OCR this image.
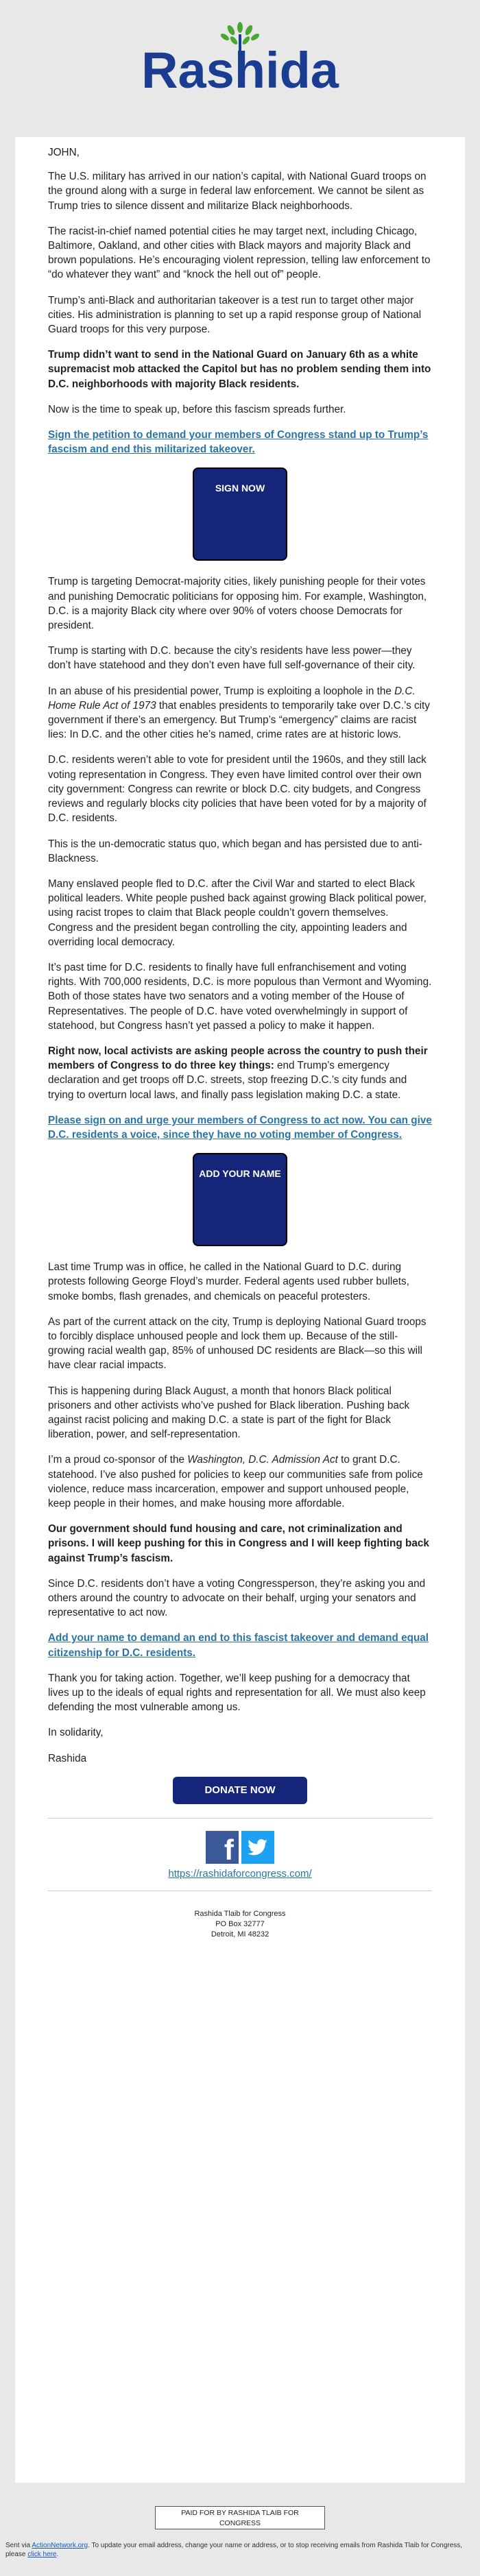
Rashida

JOHN,

The U.S. military has arrived in our nation’s capital, with National Guard troops on the ground along with a surge in federal law enforcement. We cannot be silent as Trump tries to silence dissent and militarize Black neighborhoods.

The racist-in-chief named potential cities he may target next, including Chicago, Baltimore, Oakland, and other cities with Black mayors and majority Black and brown populations. He’s encouraging violent repression, telling law enforcement to “do whatever they want” and “knock the hell out of” people.

Trump’s anti-Black and authoritarian takeover is a test run to target other major cities. His administration is planning to set up a rapid response group of National Guard troops for this very purpose.

Trump didn’t want to send in the National Guard on January 6th as a white supremacist mob attacked the Capitol but has no problem sending them into D.C. neighborhoods with majority Black residents.

Now is the time to speak up, before this fascism spreads further.

Sign the petition to demand your members of Congress stand up to Trump’s fascism and end this militarized takeover.

SIGN NOW

Trump is targeting Democrat-majority cities, likely punishing people for their votes and punishing Democratic politicians for opposing him. For example, Washington, D.C. is a majority Black city where over 90% of voters choose Democrats for president.

Trump is starting with D.C. because the city’s residents have less power—they don’t have statehood and they don’t even have full self-governance of their city.

In an abuse of his presidential power, Trump is exploiting a loophole in the D.C. Home Rule Act of 1973 that enables presidents to temporarily take over D.C.’s city government if there’s an emergency. But Trump’s “emergency” claims are racist lies: In D.C. and the other cities he’s named, crime rates are at historic lows.

D.C. residents weren’t able to vote for president until the 1960s, and they still lack voting representation in Congress. They even have limited control over their own city government: Congress can rewrite or block D.C. city budgets, and Congress reviews and regularly blocks city policies that have been voted for by a majority of D.C. residents.

This is the un-democratic status quo, which began and has persisted due to anti-Blackness.

Many enslaved people fled to D.C. after the Civil War and started to elect Black political leaders. White people pushed back against growing Black political power, using racist tropes to claim that Black people couldn’t govern themselves. Congress and the president began controlling the city, appointing leaders and overriding local democracy.

It’s past time for D.C. residents to finally have full enfranchisement and voting rights. With 700,000 residents, D.C. is more populous than Vermont and Wyoming. Both of those states have two senators and a voting member of the House of Representatives. The people of D.C. have voted overwhelmingly in support of statehood, but Congress hasn’t yet passed a policy to make it happen.

Right now, local activists are asking people across the country to push their members of Congress to do three key things: end Trump’s emergency declaration and get troops off D.C. streets, stop freezing D.C.’s city funds and trying to overturn local laws, and finally pass legislation making D.C. a state.

Please sign on and urge your members of Congress to act now. You can give D.C. residents a voice, since they have no voting member of Congress.

ADD YOUR NAME

Last time Trump was in office, he called in the National Guard to D.C. during protests following George Floyd’s murder. Federal agents used rubber bullets, smoke bombs, flash grenades, and chemicals on peaceful protesters.

As part of the current attack on the city, Trump is deploying National Guard troops to forcibly displace unhoused people and lock them up. Because of the still-growing racial wealth gap, 85% of unhoused DC residents are Black—so this will have clear racial impacts.

This is happening during Black August, a month that honors Black political prisoners and other activists who’ve pushed for Black liberation. Pushing back against racist policing and making D.C. a state is part of the fight for Black liberation, power, and self-representation.

I’m a proud co-sponsor of the Washington, D.C. Admission Act to grant D.C. statehood. I’ve also pushed for policies to keep our communities safe from police violence, reduce mass incarceration, empower and support unhoused people, keep people in their homes, and make housing more affordable.

Our government should fund housing and care, not criminalization and prisons. I will keep pushing for this in Congress and I will keep fighting back against Trump’s fascism.

Since D.C. residents don’t have a voting Congressperson, they’re asking you and others around the country to advocate on their behalf, urging your senators and representative to act now.

Add your name to demand an end to this fascist takeover and demand equal citizenship for D.C. residents.

Thank you for taking action. Together, we’ll keep pushing for a democracy that lives up to the ideals of equal rights and representation for all. We must also keep defending the most vulnerable among us.

In solidarity,

Rashida

DONATE NOW
f

https://rashidaforcongress.com/
Rashida Tlaib for Congress
PO Box 32777
Detroit, MI 48232
PAID FOR BY RASHIDA TLAIB FOR
CONGRESS
Sent via ActionNetwork.org. To update your email address, change your name or address, or to stop receiving emails from Rashida Tlaib for Congress, please click here.
